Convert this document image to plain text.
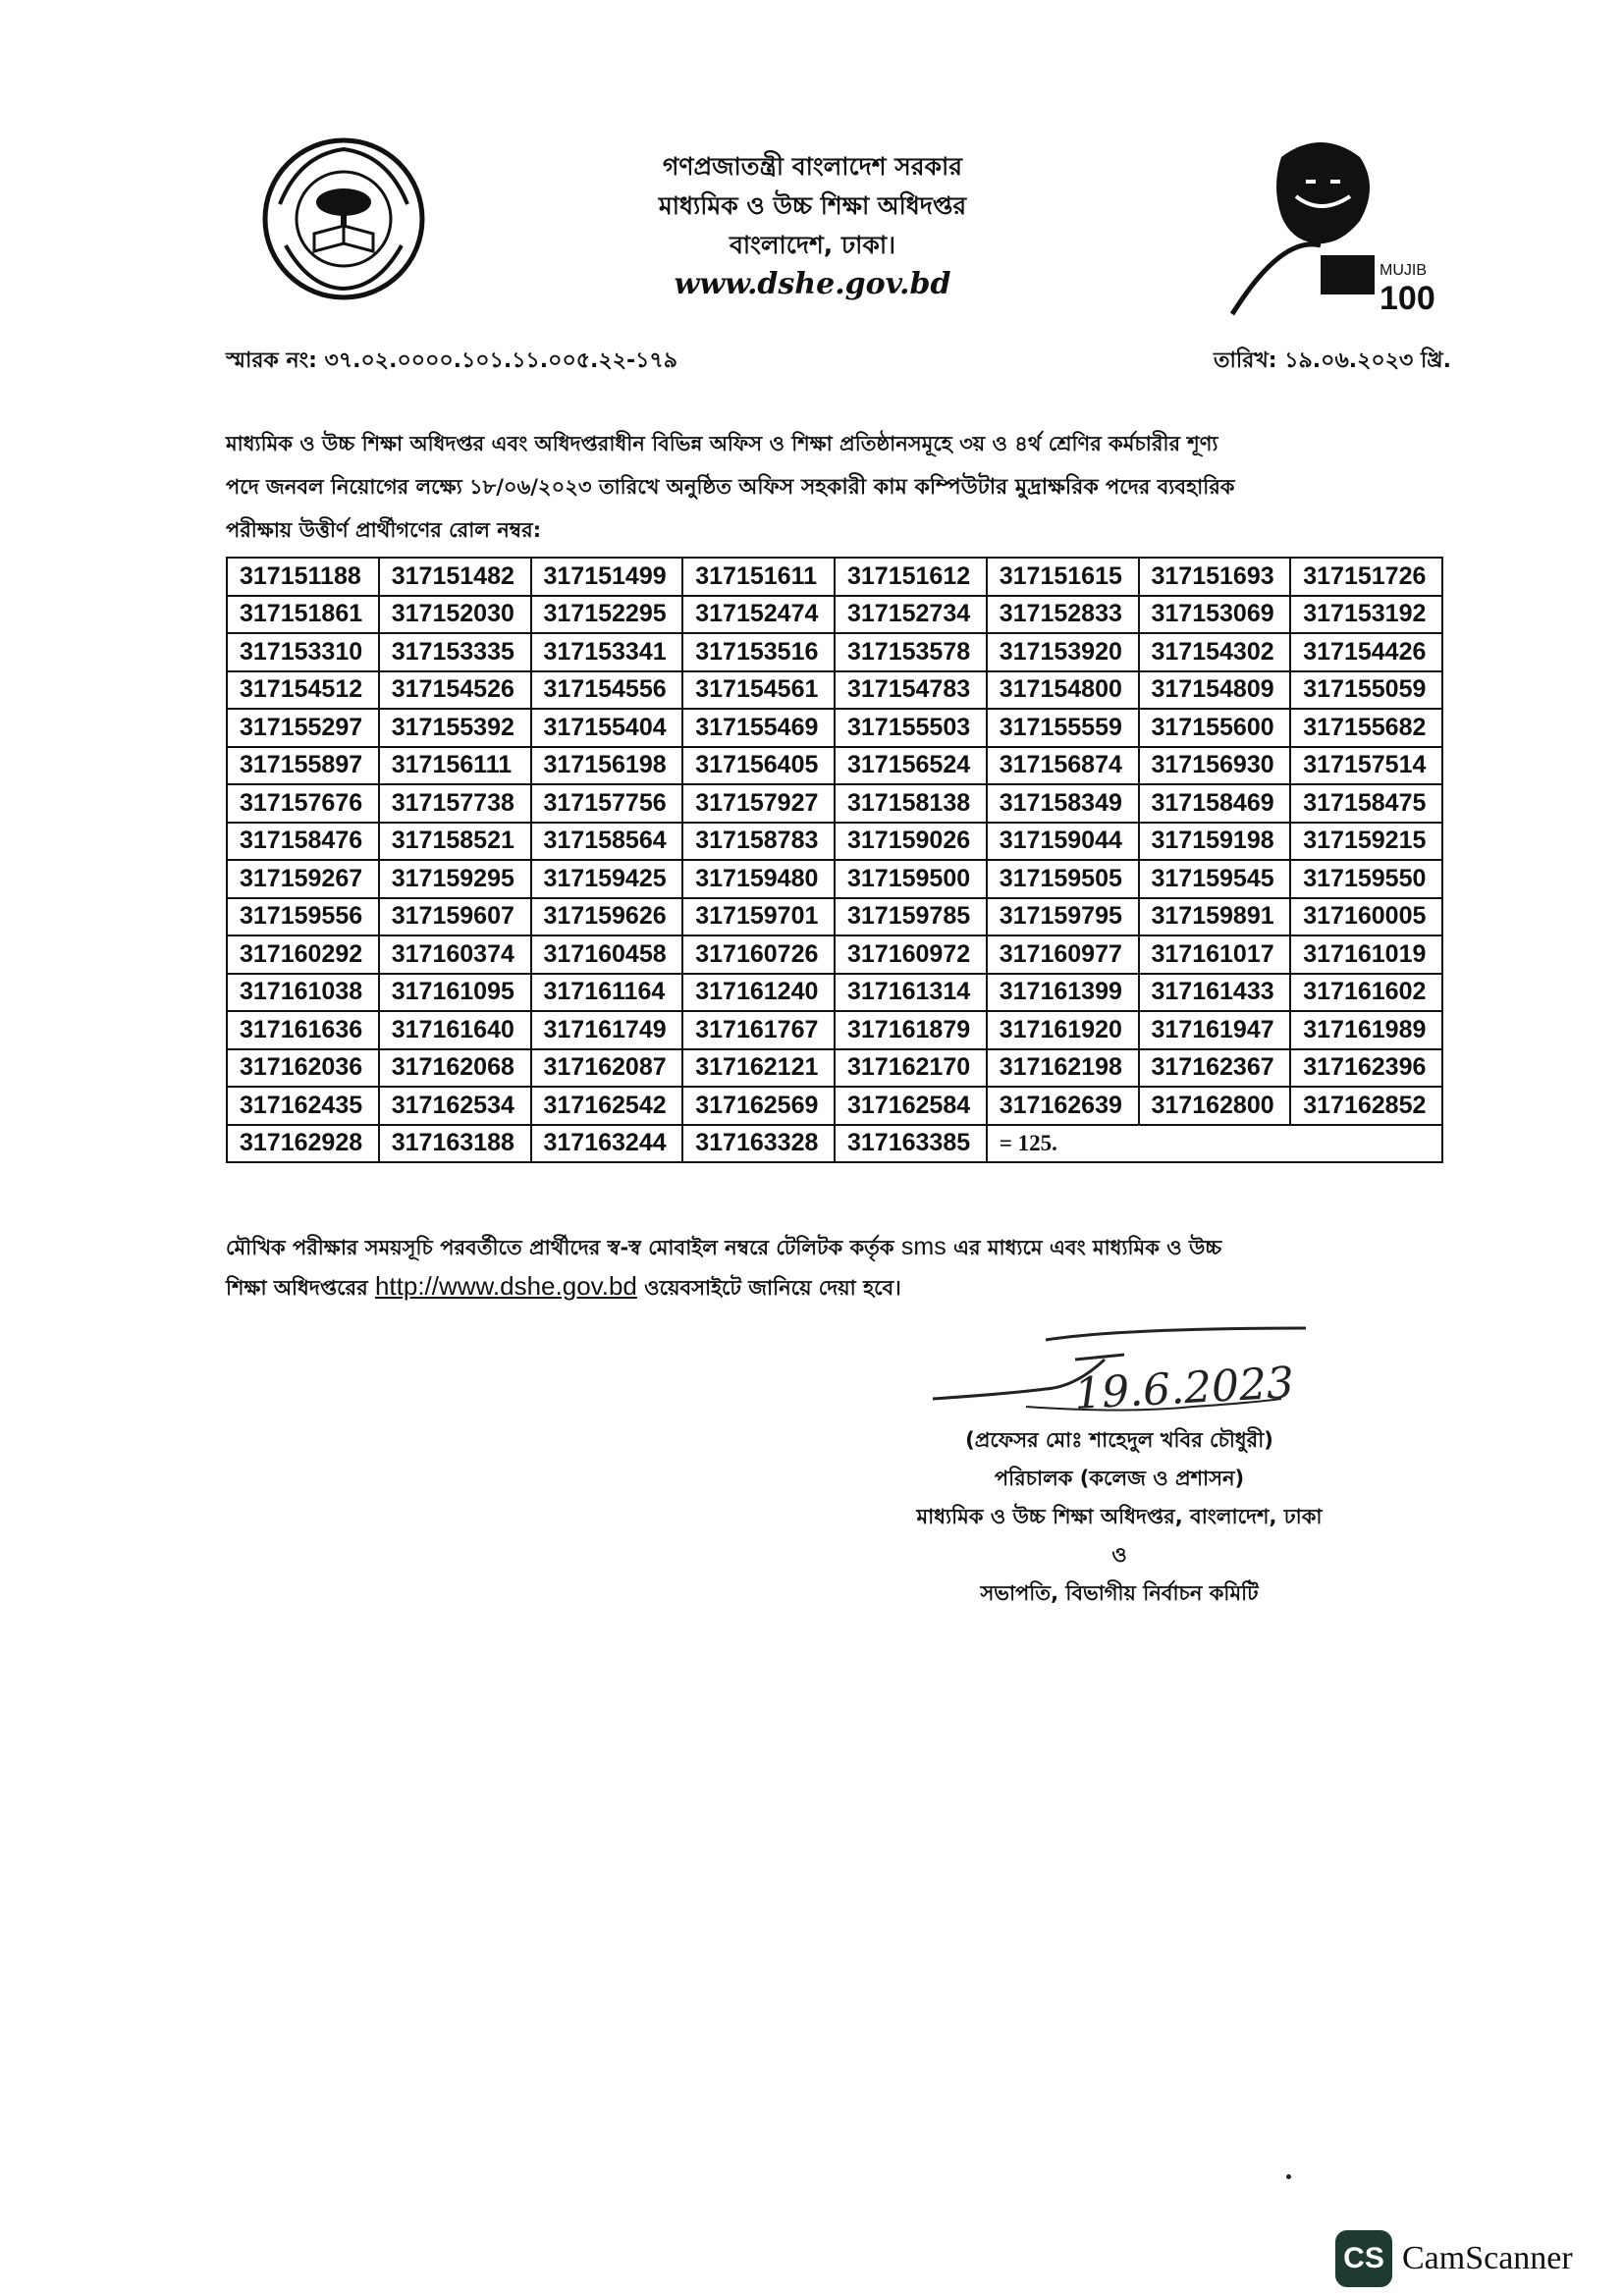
গণপ্রজাতন্ত্রী বাংলাদেশ সরকার
মাধ্যমিক ও উচ্চ শিক্ষা অধিদপ্তর
বাংলাদেশ, ঢাকা।
www.dshe.gov.bd	MUJIB
100
স্মারক নং: ৩৭.০২.০০০০.১০১.১১.০০৫.২২-১৭৯	তারিখ: ১৯.০৬.২০২৩ খ্রি.
মাধ্যমিক ও উচ্চ শিক্ষা অধিদপ্তর এবং অধিদপ্তরাধীন বিভিন্ন অফিস ও শিক্ষা প্রতিষ্ঠানসমূহে ৩য় ও ৪র্থ শ্রেণির কর্মচারীর শূণ্য
পদে জনবল নিয়োগের লক্ষ্যে ১৮/০৬/২০২৩ তারিখে অনুষ্ঠিত অফিস সহকারী কাম কম্পিউটার মুদ্রাক্ষরিক পদের ব্যবহারিক
পরীক্ষায় উত্তীর্ণ প্রার্থীগণের রোল নম্বর:
317151188	317151482	317151499	317151611	317151612	317151615	317151693	317151726
317151861	317152030	317152295	317152474	317152734	317152833	317153069	317153192
317153310	317153335	317153341	317153516	317153578	317153920	317154302	317154426
317154512	317154526	317154556	317154561	317154783	317154800	317154809	317155059
317155297	317155392	317155404	317155469	317155503	317155559	317155600	317155682
317155897	317156111	317156198	317156405	317156524	317156874	317156930	317157514
317157676	317157738	317157756	317157927	317158138	317158349	317158469	317158475
317158476	317158521	317158564	317158783	317159026	317159044	317159198	317159215
317159267	317159295	317159425	317159480	317159500	317159505	317159545	317159550
317159556	317159607	317159626	317159701	317159785	317159795	317159891	317160005
317160292	317160374	317160458	317160726	317160972	317160977	317161017	317161019
317161038	317161095	317161164	317161240	317161314	317161399	317161433	317161602
317161636	317161640	317161749	317161767	317161879	317161920	317161947	317161989
317162036	317162068	317162087	317162121	317162170	317162198	317162367	317162396
317162435	317162534	317162542	317162569	317162584	317162639	317162800	317162852
317162928	317163188	317163244	317163328	317163385	= 125.		
মৌখিক পরীক্ষার সময়সূচি পরবর্তীতে প্রার্থীদের স্ব-স্ব মোবাইল নম্বরে টেলিটক কর্তৃক sms এর মাধ্যমে এবং মাধ্যমিক ও উচ্চ
শিক্ষা অধিদপ্তরের http://www.dshe.gov.bd ওয়েবসাইটে জানিয়ে দেয়া হবে।
19.6.2023
(প্রফেসর মোঃ শাহেদুল খবির চৌধুরী)
পরিচালক (কলেজ ও প্রশাসন)
মাধ্যমিক ও উচ্চ শিক্ষা অধিদপ্তর, বাংলাদেশ, ঢাকা
ও
সভাপতি, বিভাগীয় নির্বাচন কমিটি
CS CamScanner
